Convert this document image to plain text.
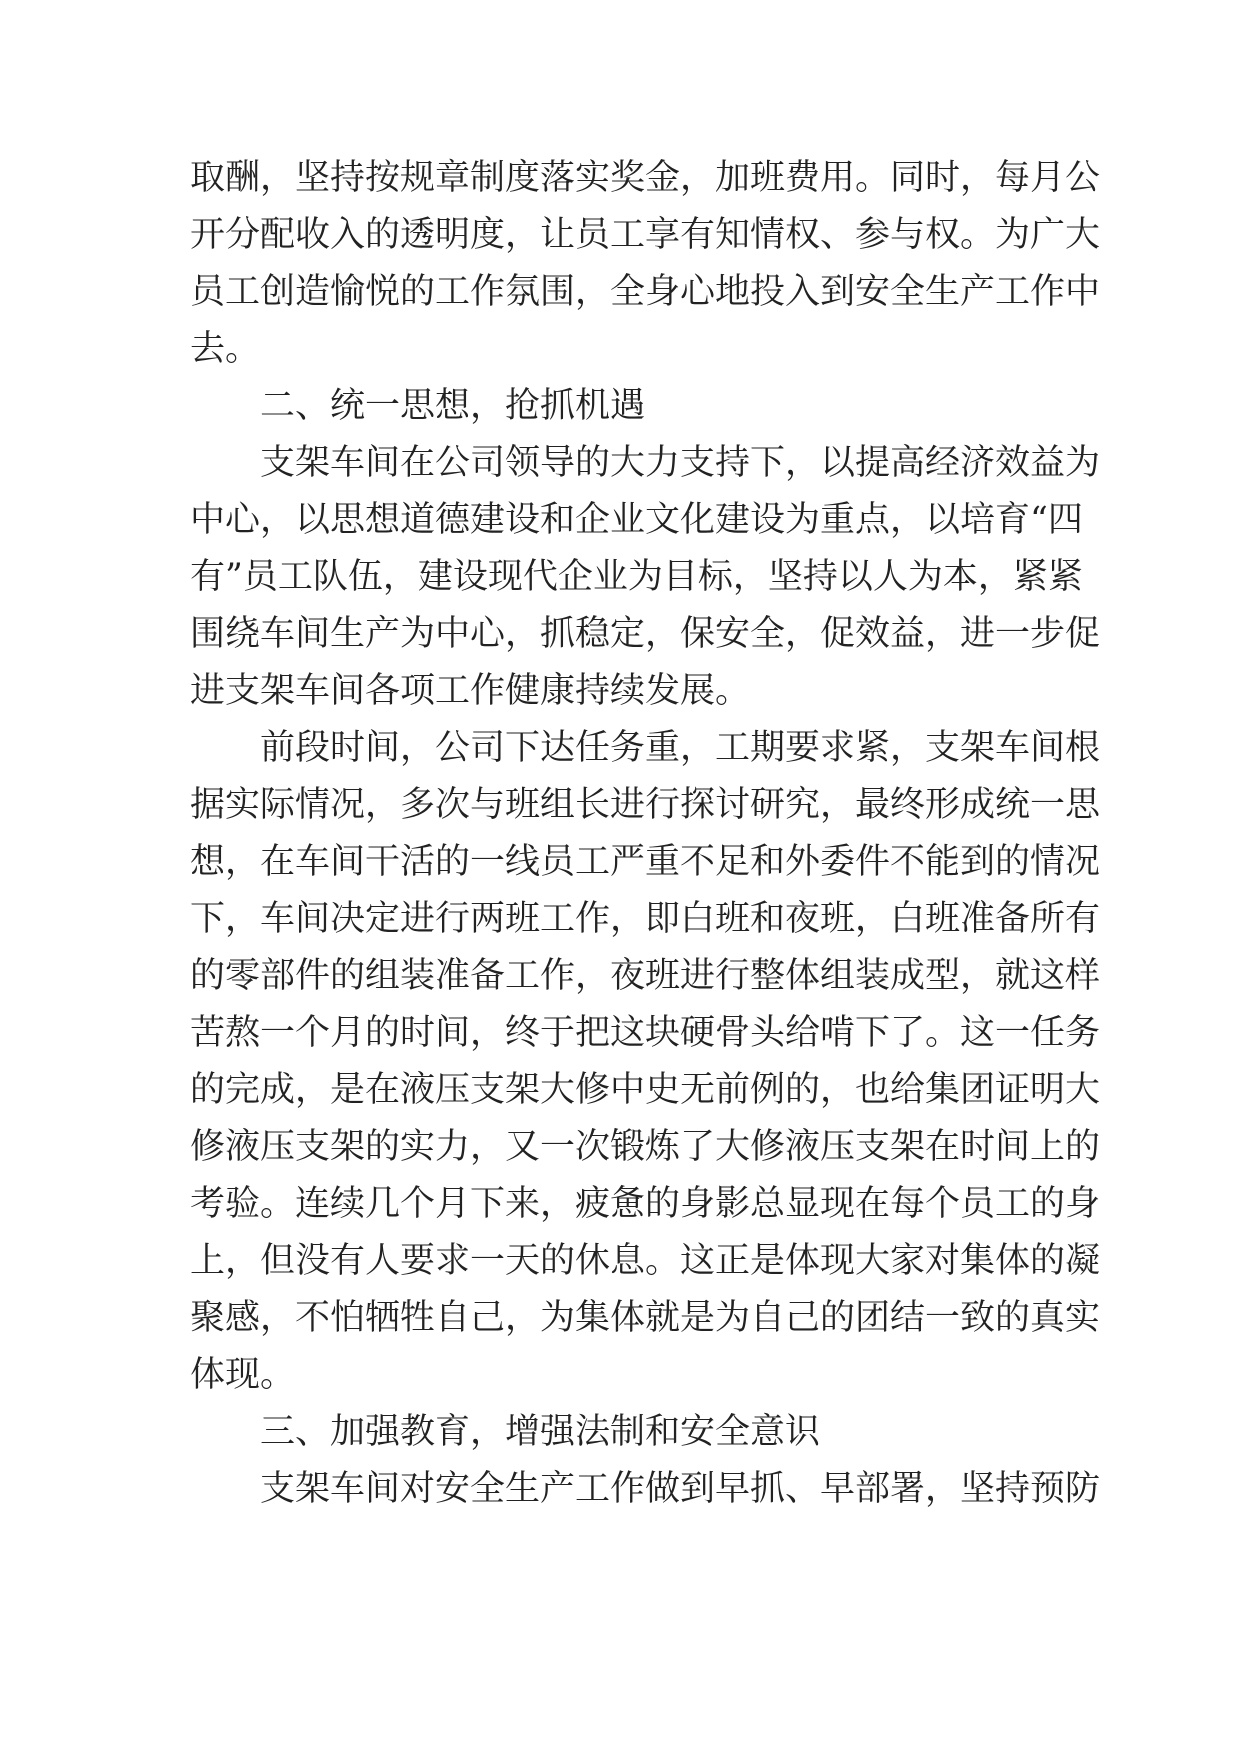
取酬，坚持按规章制度落实奖金，加班费用。同时，每月公
开分配收入的透明度，让员工享有知情权、参与权。为广大
员工创造愉悦的工作氛围，全身心地投入到安全生产工作中
去。
二、统一思想，抢抓机遇
支架车间在公司领导的大力支持下，以提高经济效益为
中心，以思想道德建设和企业文化建设为重点，以培育“四
有”员工队伍，建设现代企业为目标，坚持以人为本，紧紧
围绕车间生产为中心，抓稳定，保安全，促效益，进一步促
进支架车间各项工作健康持续发展。
前段时间，公司下达任务重，工期要求紧，支架车间根
据实际情况，多次与班组长进行探讨研究，最终形成统一思
想，在车间干活的一线员工严重不足和外委件不能到的情况
下，车间决定进行两班工作，即白班和夜班，白班准备所有
的零部件的组装准备工作，夜班进行整体组装成型，就这样
苦熬一个月的时间，终于把这块硬骨头给啃下了。这一任务
的完成，是在液压支架大修中史无前例的，也给集团证明大
修液压支架的实力，又一次锻炼了大修液压支架在时间上的
考验。连续几个月下来，疲惫的身影总显现在每个员工的身
上，但没有人要求一天的休息。这正是体现大家对集体的凝
聚感，不怕牺牲自己，为集体就是为自己的团结一致的真实
体现。
三、加强教育，增强法制和安全意识
支架车间对安全生产工作做到早抓、早部署，坚持预防
